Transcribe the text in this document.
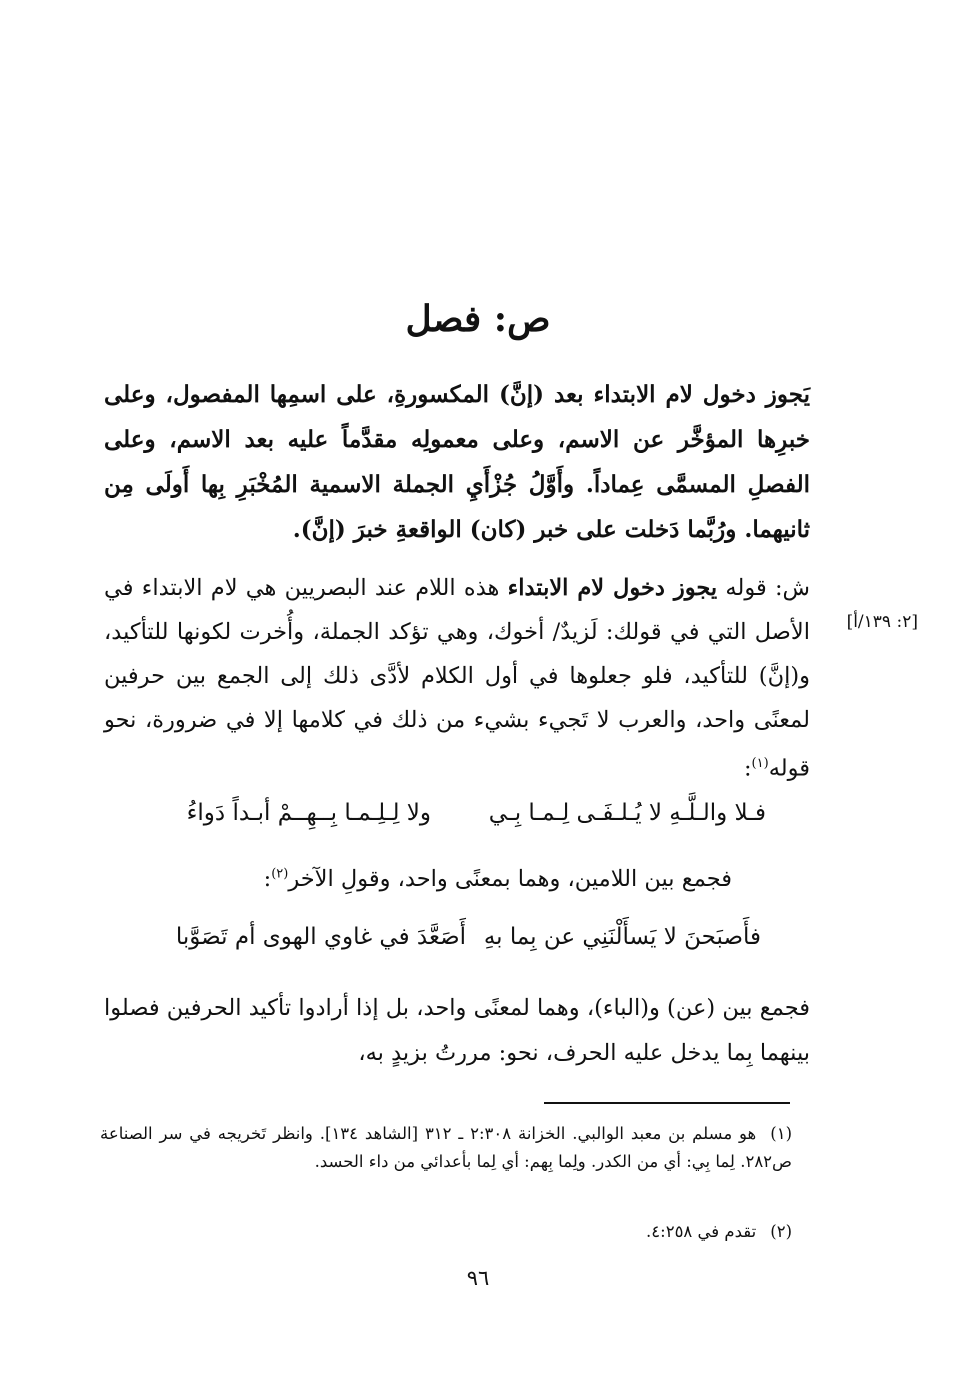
ص: فصل
يَجوز دخول لام الابتداء بعد (إنَّ) المكسورةِ، على اسمِها المفصول، وعلى خبرِها المؤخَّر عن الاسم، وعلى معمولِه مقدَّماً عليه بعد الاسم، وعلى الفصلِ المسمَّى عِماداً. وأَوَّلُ جُزْأَيِ الجملة الاسمية المُخْبَرِ بِها أَولَى مِن ثانيهما. ورُبَّما دَخلت على خبر (كان) الواقعةِ خبرَ (إنَّ).
[٢: ١٣٩/أ]
ش: قوله يجوز دخول لام الابتداء هذه اللام عند البصريين هي لام الابتداء في الأصل التي في قولك: لَزيدٌ/ أخوك، وهي تؤكد الجملة، وأُخرت لكونها للتأكيد، و(إنَّ) للتأكيد، فلو جعلوها في أول الكلام لأدَّى ذلك إلى الجمع بين حرفين لمعنًى واحد، والعرب لا تَجيء بشيء من ذلك في كلامها إلا في ضرورة، نحو قوله$^{(١)}$:
فـلا والـلَّـهِ لا يُـلـفَـى لِـمـا بِـي
ولا لِـلِـمـا بِــهِــمْ أبـداً دَواءُ
فجمع بين اللامين، وهما بمعنًى واحد، وقولِ الآخر$^{(٢)}$:
فأَصبَحنَ لا يَسأَلْنَنِي عن بِما بهِ
أَصَعَّدَ في غاوي الهوى أم تَصَوَّبا
فجمع بين (عن) و(الباء)، وهما لمعنًى واحد، بل إذا أرادوا تأكيد الحرفين فصلوا بينهما بِما يدخل عليه الحرف، نحو: مررتُ بزيدٍ به،
(١)هو مسلم بن معبد الوالبي. الخزانة ٢:٣٠٨ ـ ٣١٢ [الشاهد ١٣٤]. وانظر تَخريجه في سر الصناعة ص٢٨٢. لِما بِي: أي من الكدر. ولِما بِهم: أي لِما بأعدائي من داء الحسد.
(٢)تقدم في ٤:٢٥٨.
٩٦
